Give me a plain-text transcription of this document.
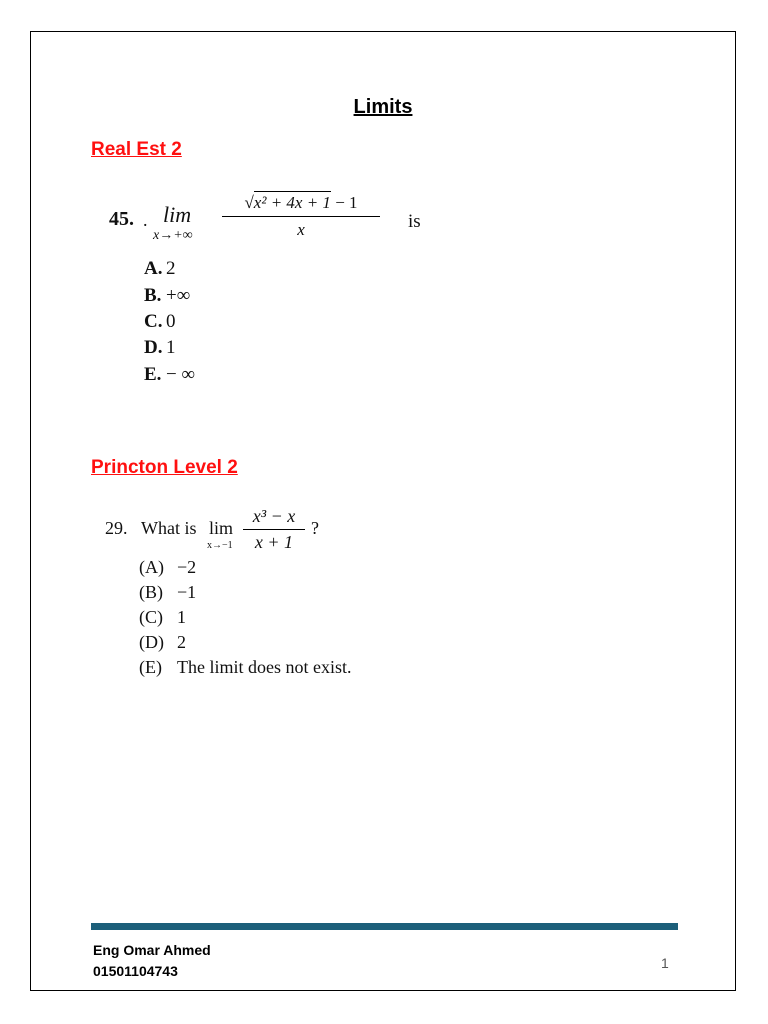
Limits
Real Est 2
45. . lim
$x\to+\infty \frac{\text{√x² + 4x + 1 − 1}}{x}$ is
A. 2
B. +∞
C. 0
D. 1
E. − ∞
Princton Level 2
29. What is lim
$x\to-1 \frac{\text{x³ − x}}{x + 1}$ ?
(A) −2
(B) −1
(C) 1
(D) 2
(E) The limit does not exist.
Eng Omar Ahmed
01501104743	1
